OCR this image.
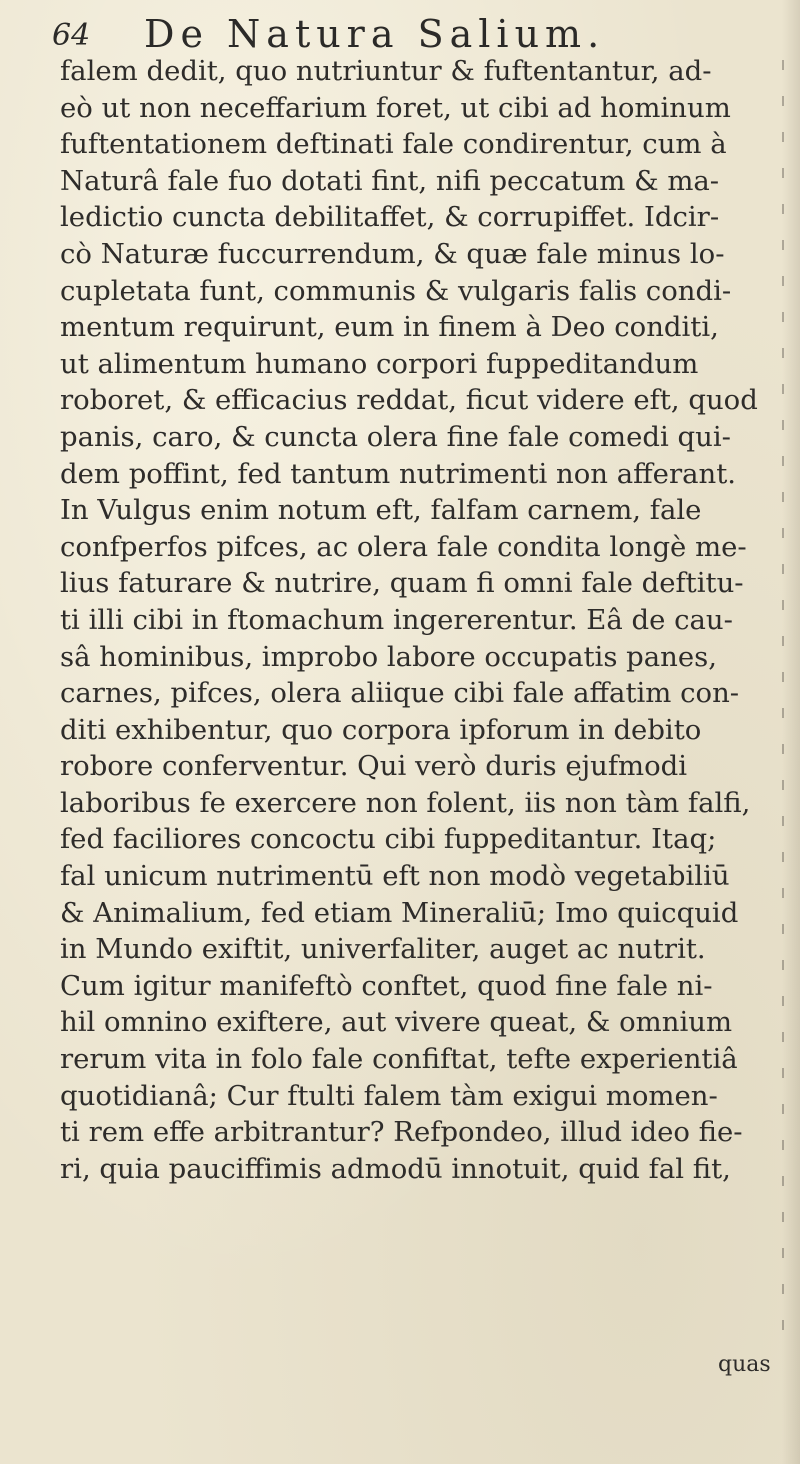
64 De Natura Salium.
falem dedit, quo nutriuntur & fuftentantur, ad-
eò ut non neceffarium foret, ut cibi ad hominum
fuftentationem deftinati fale condirentur, cum à
Naturâ fale fuo dotati fint, nifi peccatum & ma-
ledictio cuncta debilitaffet, & corrupiffet. Idcir-
cò Naturæ fuccurrendum, & quæ fale minus lo-
cupletata funt, communis & vulgaris falis condi-
mentum requirunt, eum in finem à Deo conditi,
ut alimentum humano corpori fuppeditandum
roboret, & efficacius reddat, ficut videre eft, quod
panis, caro, & cuncta olera fine fale comedi qui-
dem poffint, fed tantum nutrimenti non afferant.
In Vulgus enim notum eft, falfam carnem, fale
confperfos pifces, ac olera fale condita longè me-
lius faturare & nutrire, quam fi omni fale deftitu-
ti illi cibi in ftomachum ingererentur. Eâ de cau-
sâ hominibus, improbo labore occupatis panes,
carnes, pifces, olera aliique cibi fale affatim con-
diti exhibentur, quo corpora ipforum in debito
robore conferventur. Qui verò duris ejufmodi
laboribus fe exercere non folent, iis non tàm falfi,
fed faciliores concoctu cibi fuppeditantur. Itaq;
fal unicum nutrimentū eft non modò vegetabiliū
& Animalium, fed etiam Mineraliū; Imo quicquid
in Mundo exiftit, univerfaliter, auget ac nutrit.
Cum igitur manifeftò conftet, quod fine fale ni-
hil omnino exiftere, aut vivere queat, & omnium
rerum vita in folo fale confiftat, tefte experientiâ
quotidianâ; Cur ftulti falem tàm exigui momen-
ti rem effe arbitrantur? Refpondeo, illud ideo fie-
ri, quia pauciffimis admodū innotuit, quid fal fit,
quas
